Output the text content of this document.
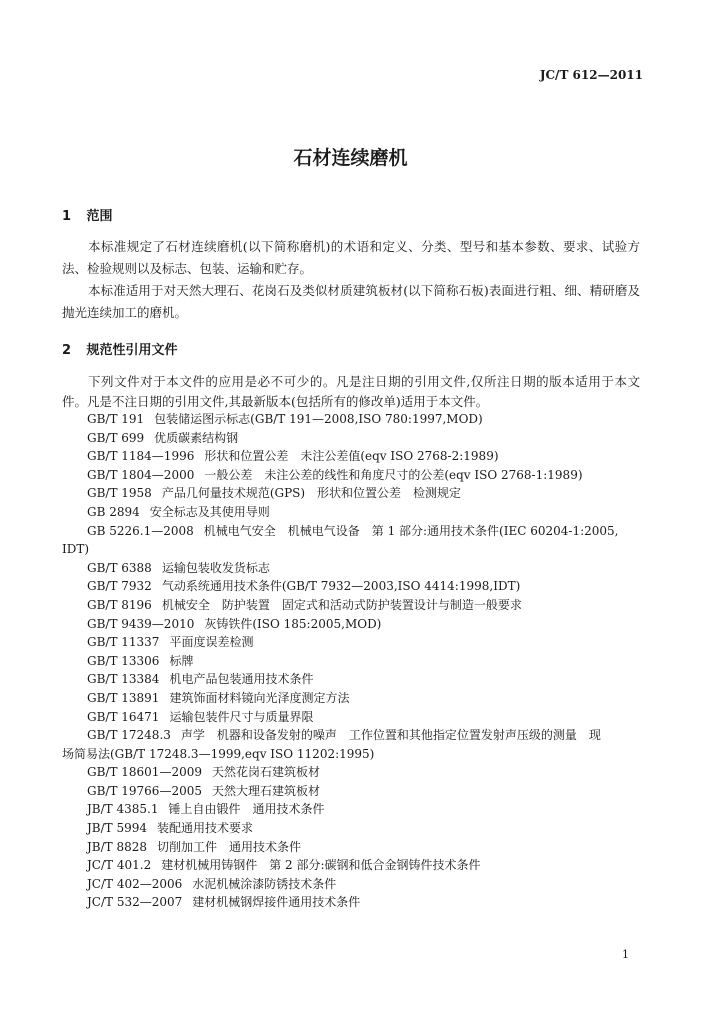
JC/T 612—2011
石材连续磨机
1 范围
本标准规定了石材连续磨机(以下简称磨机)的术语和定义、分类、型号和基本参数、要求、试验方法、检验规则以及标志、包装、运输和贮存。
本标准适用于对天然大理石、花岗石及类似材质建筑板材(以下简称石板)表面进行粗、细、精研磨及抛光连续加工的磨机。
2 规范性引用文件
下列文件对于本文件的应用是必不可少的。凡是注日期的引用文件,仅所注日期的版本适用于本文件。凡是不注日期的引用文件,其最新版本(包括所有的修改单)适用于本文件。
GB/T 191 包装储运图示标志(GB/T 191—2008,ISO 780:1997,MOD)
GB/T 699 优质碳素结构钢
GB/T 1184—1996 形状和位置公差　未注公差值(eqv ISO 2768-2:1989)
GB/T 1804—2000 一般公差　未注公差的线性和角度尺寸的公差(eqv ISO 2768-1:1989)
GB/T 1958 产品几何量技术规范(GPS)　形状和位置公差　检测规定
GB 2894 安全标志及其使用导则
GB 5226.1—2008 机械电气安全　机械电气设备　第 1 部分:通用技术条件(IEC 60204-1:2005,
IDT)
GB/T 6388 运输包装收发货标志
GB/T 7932 气动系统通用技术条件(GB/T 7932—2003,ISO 4414:1998,IDT)
GB/T 8196 机械安全　防护装置　固定式和活动式防护装置设计与制造一般要求
GB/T 9439—2010 灰铸铁件(ISO 185:2005,MOD)
GB/T 11337 平面度误差检测
GB/T 13306 标牌
GB/T 13384 机电产品包装通用技术条件
GB/T 13891 建筑饰面材料镜向光泽度测定方法
GB/T 16471 运输包装件尺寸与质量界限
GB/T 17248.3 声学　机器和设备发射的噪声　工作位置和其他指定位置发射声压级的测量　现
场简易法(GB/T 17248.3—1999,eqv ISO 11202:1995)
GB/T 18601—2009 天然花岗石建筑板材
GB/T 19766—2005 天然大理石建筑板材
JB/T 4385.1 锤上自由锻件　通用技术条件
JB/T 5994 装配通用技术要求
JB/T 8828 切削加工件　通用技术条件
JC/T 401.2 建材机械用铸钢件　第 2 部分:碳钢和低合金钢铸件技术条件
JC/T 402—2006 水泥机械涂漆防锈技术条件
JC/T 532—2007 建材机械钢焊接件通用技术条件
1
